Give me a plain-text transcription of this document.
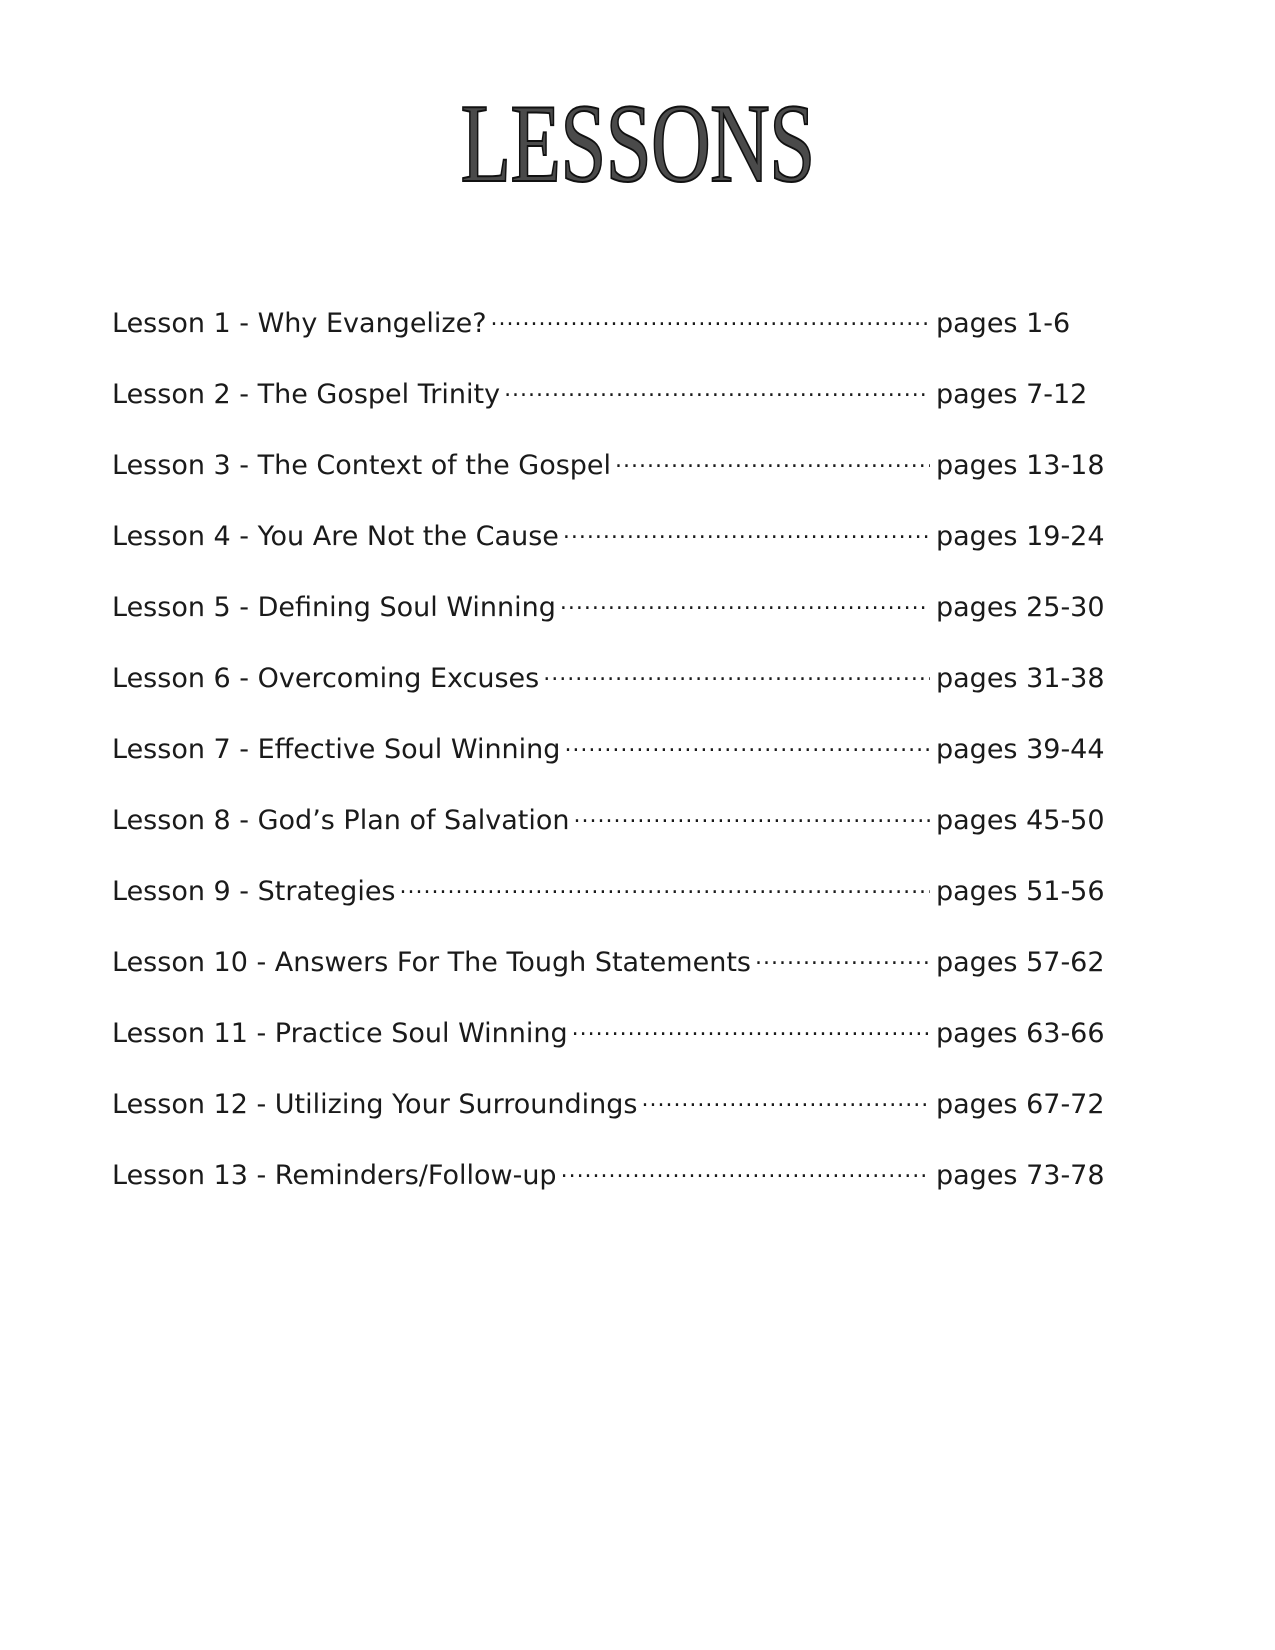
LESSONS
Lesson 1 - Why Evangelize? .....	pages 1-6
Lesson 2 - The Gospel Trinity .....	pages 7-12
Lesson 3 - The Context of the Gospel .....	pages 13-18
Lesson 4 - You Are Not the Cause .....	pages 19-24
Lesson 5 - Defining Soul Winning .....	pages 25-30
Lesson 6 - Overcoming Excuses .....	pages 31-38
Lesson 7 - Effective Soul Winning .....	pages 39-44
Lesson 8 - God’s Plan of Salvation .....	pages 45-50
Lesson 9 - Strategies .....	pages 51-56
Lesson 10 - Answers For The Tough Statements .....	pages 57-62
Lesson 11 - Practice Soul Winning .....	pages 63-66
Lesson 12 - Utilizing Your Surroundings .....	pages 67-72
Lesson 13 - Reminders/Follow-up .....	pages 73-78
